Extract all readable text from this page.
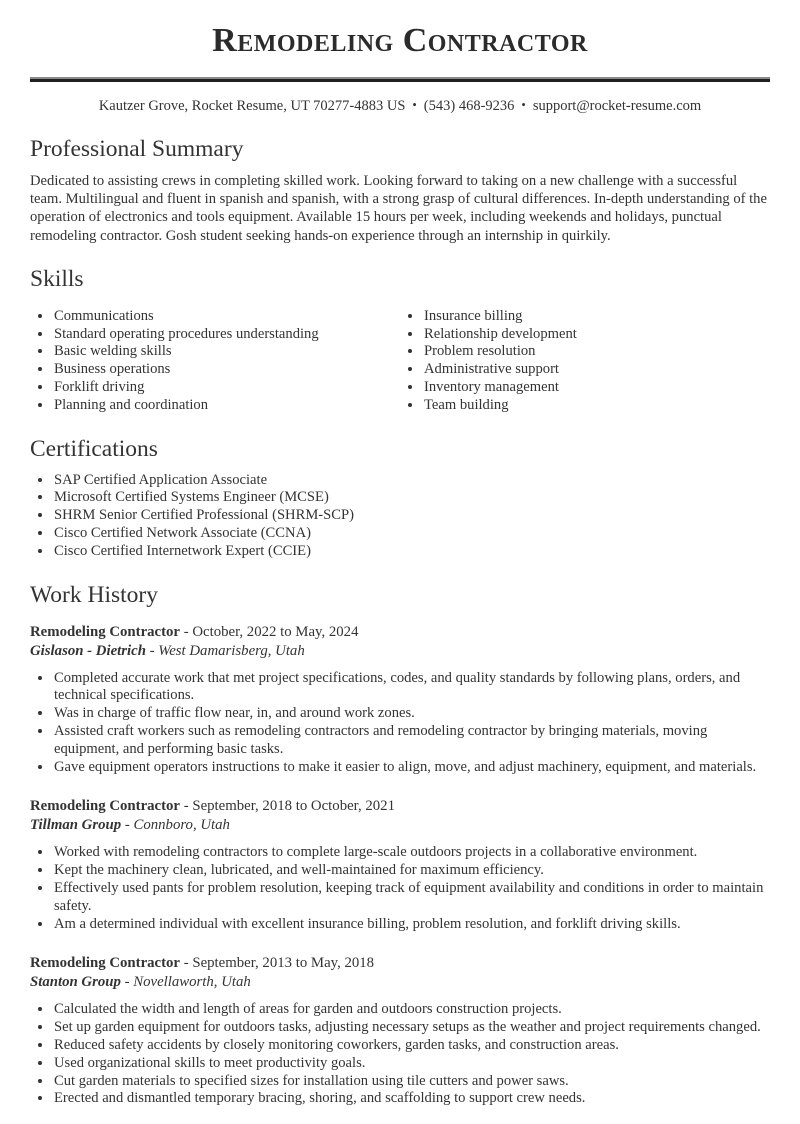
Remodeling Contractor

Kautzer Grove, Rocket Resume, UT 70277-4883 US • (543) 468-9236 • support@rocket-resume.com

Professional Summary

Dedicated to assisting crews in completing skilled work. Looking forward to taking on a new challenge with a successful team. Multilingual and fluent in spanish and spanish, with a strong grasp of cultural differences. In-depth understanding of the operation of electronics and tools equipment. Available 15 hours per week, including weekends and holidays, punctual remodeling contractor. Gosh student seeking hands-on experience through an internship in quirkily.

Skills
• Communications
• Standard operating procedures understanding
• Basic welding skills
• Business operations
• Forklift driving
• Planning and coordination
• Insurance billing
• Relationship development
• Problem resolution
• Administrative support
• Inventory management
• Team building
Certifications
• SAP Certified Application Associate
• Microsoft Certified Systems Engineer (MCSE)
• SHRM Senior Certified Professional (SHRM-SCP)
• Cisco Certified Network Associate (CCNA)
• Cisco Certified Internetwork Expert (CCIE)
Work History

Remodeling Contractor - October, 2022 to May, 2024

Gislason - Dietrich - West Damarisberg, Utah

• Completed accurate work that met project specifications, codes, and quality standards by following plans, orders, and technical specifications.
• Was in charge of traffic flow near, in, and around work zones.
• Assisted craft workers such as remodeling contractors and remodeling contractor by bringing materials, moving equipment, and performing basic tasks.
• Gave equipment operators instructions to make it easier to align, move, and adjust machinery, equipment, and materials.

Remodeling Contractor - September, 2018 to October, 2021

Tillman Group - Connboro, Utah

• Worked with remodeling contractors to complete large-scale outdoors projects in a collaborative environment.
• Kept the machinery clean, lubricated, and well-maintained for maximum efficiency.
• Effectively used pants for problem resolution, keeping track of equipment availability and conditions in order to maintain safety.
• Am a determined individual with excellent insurance billing, problem resolution, and forklift driving skills.

Remodeling Contractor - September, 2013 to May, 2018

Stanton Group - Novellaworth, Utah

• Calculated the width and length of areas for garden and outdoors construction projects.
• Set up garden equipment for outdoors tasks, adjusting necessary setups as the weather and project requirements changed.
• Reduced safety accidents by closely monitoring coworkers, garden tasks, and construction areas.
• Used organizational skills to meet productivity goals.
• Cut garden materials to specified sizes for installation using tile cutters and power saws.
• Erected and dismantled temporary bracing, shoring, and scaffolding to support crew needs.
